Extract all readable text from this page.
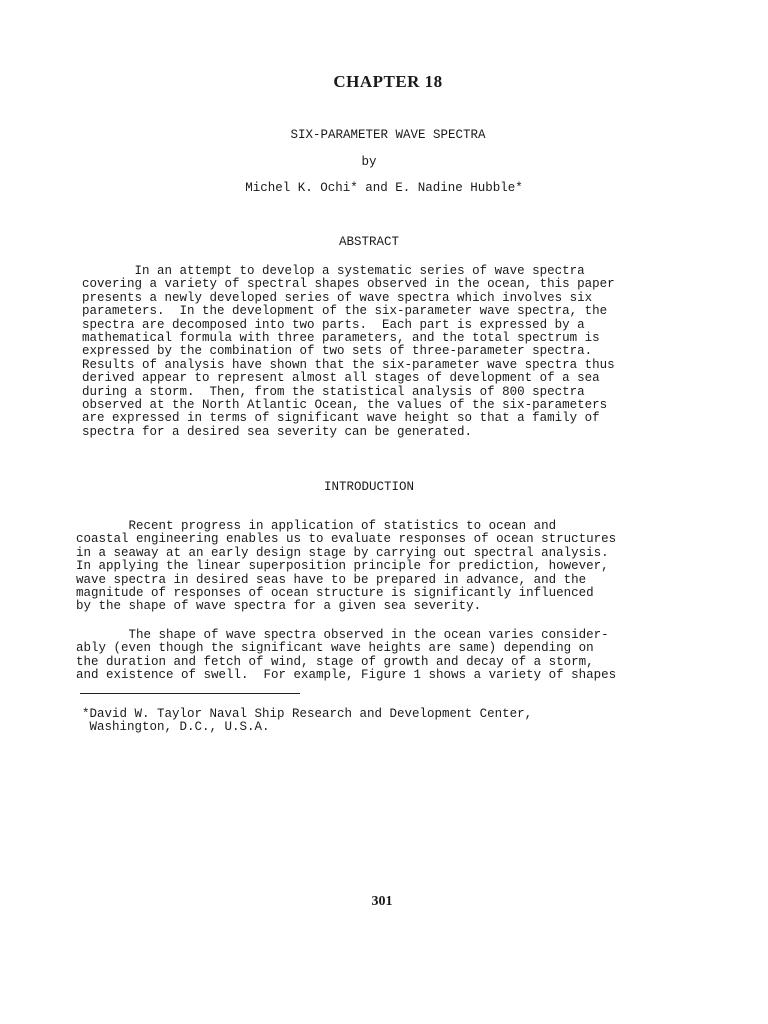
CHAPTER 18
SIX-PARAMETER WAVE SPECTRA
by
Michel K. Ochi* and E. Nadine Hubble*
ABSTRACT
In an attempt to develop a systematic series of wave spectra
covering a variety of spectral shapes observed in the ocean, this paper
presents a newly developed series of wave spectra which involves six
parameters.  In the development of the six-parameter wave spectra, the
spectra are decomposed into two parts.  Each part is expressed by a
mathematical formula with three parameters, and the total spectrum is
expressed by the combination of two sets of three-parameter spectra.
Results of analysis have shown that the six-parameter wave spectra thus
derived appear to represent almost all stages of development of a sea
during a storm.  Then, from the statistical analysis of 800 spectra
observed at the North Atlantic Ocean, the values of the six-parameters
are expressed in terms of significant wave height so that a family of
spectra for a desired sea severity can be generated.
INTRODUCTION
Recent progress in application of statistics to ocean and
coastal engineering enables us to evaluate responses of ocean structures
in a seaway at an early design stage by carrying out spectral analysis.
In applying the linear superposition principle for prediction, however,
wave spectra in desired seas have to be prepared in advance, and the
magnitude of responses of ocean structure is significantly influenced
by the shape of wave spectra for a given sea severity.
The shape of wave spectra observed in the ocean varies consider-
ably (even though the significant wave heights are same) depending on
the duration and fetch of wind, stage of growth and decay of a storm,
and existence of swell.  For example, Figure 1 shows a variety of shapes
*David W. Taylor Naval Ship Research and Development Center,
Washington, D.C., U.S.A.
301
